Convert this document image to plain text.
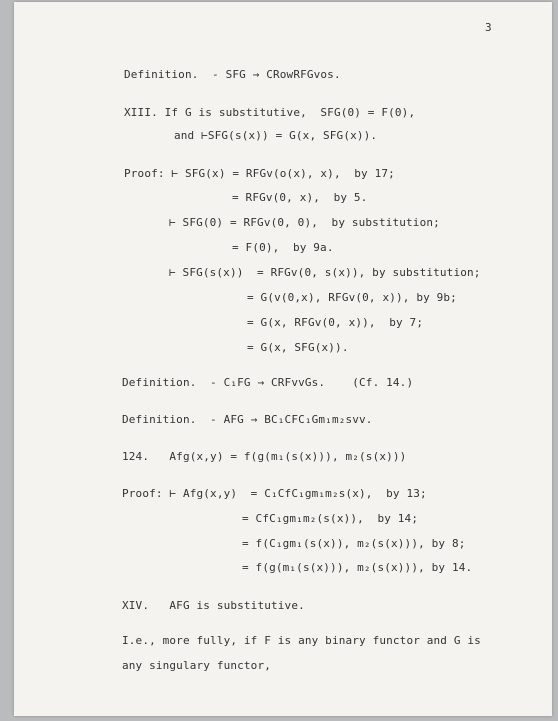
3
Definition.  - SFG → CRowRFGvos.
XIII. If G is substitutive,  SFG(0) = F(0),
and ⊢SFG(s(x)) = G(x, SFG(x)).
Proof: ⊢ SFG(x) = RFGv(o(x), x),  by 17;
= RFGv(0, x),  by 5.
⊢ SFG(0) = RFGv(0, 0),  by substitution;
= F(0),  by 9a.
⊢ SFG(s(x))  = RFGv(0, s(x)), by substitution;
= G(v(0,x), RFGv(0, x)), by 9b;
= G(x, RFGv(0, x)),  by 7;
= G(x, SFG(x)).
Definition.  - C₁FG → CRFvvGs.    (Cf. 14.)
Definition.  - AFG → BC₁CFC₁Gm₁m₂svv.
124.   Afg(x,y) = f(g(m₁(s(x))), m₂(s(x)))
Proof: ⊢ Afg(x,y)  = C₁CfC₁gm₁m₂s(x),  by 13;
= CfC₁gm₁m₂(s(x)),  by 14;
= f(C₁gm₁(s(x)), m₂(s(x))), by 8;
= f(g(m₁(s(x))), m₂(s(x))), by 14.
XIV.   AFG is substitutive.
I.e., more fully, if F is any binary functor and G is
any singulary functor,
